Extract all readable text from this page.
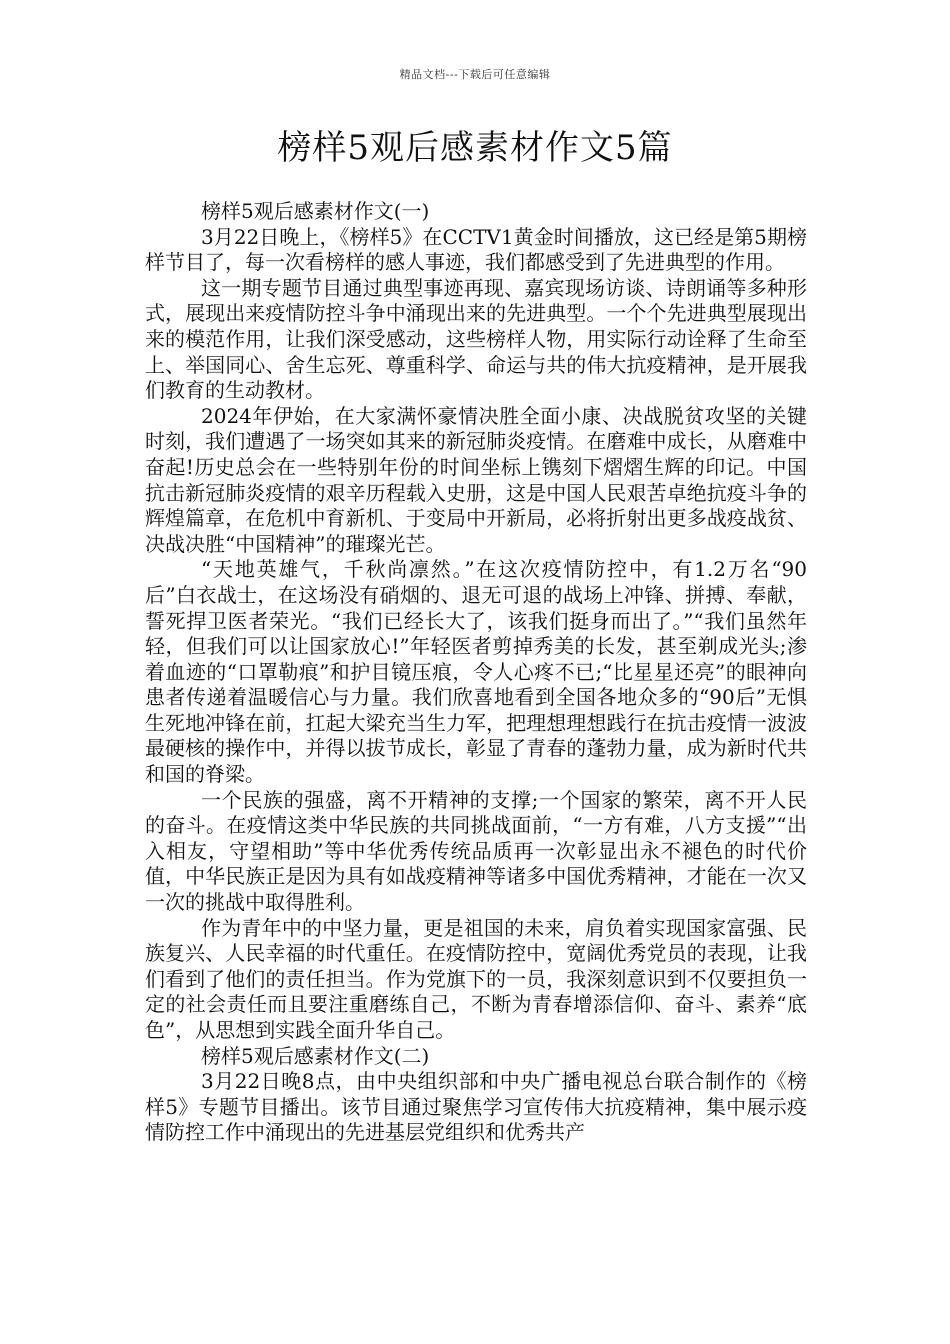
精品文档---下载后可任意编辑
榜样5观后感素材作文5篇

榜样5观后感素材作文(一)

3月22日晚上，《榜样5》在CCTV1黄金时间播放，这已经是第5期榜样节目了，每一次看榜样的感人事迹，我们都感受到了先进典型的作用。

这一期专题节目通过典型事迹再现、嘉宾现场访谈、诗朗诵等多种形式，展现出来疫情防控斗争中涌现出来的先进典型。一个个先进典型展现出来的模范作用，让我们深受感动，这些榜样人物，用实际行动诠释了生命至上、举国同心、舍生忘死、尊重科学、命运与共的伟大抗疫精神，是开展我们教育的生动教材。

2024年伊始，在大家满怀豪情决胜全面小康、决战脱贫攻坚的关键时刻，我们遭遇了一场突如其来的新冠肺炎疫情。在磨难中成长，从磨难中奋起!历史总会在一些特别年份的时间坐标上镌刻下熠熠生辉的印记。中国抗击新冠肺炎疫情的艰辛历程载入史册，这是中国人民艰苦卓绝抗疫斗争的辉煌篇章，在危机中育新机、于变局中开新局，必将折射出更多战疫战贫、决战决胜“中国精神”的璀璨光芒。

“天地英雄气，千秋尚凛然。”在这次疫情防控中，有1.2万名“90后”白衣战士，在这场没有硝烟的、退无可退的战场上冲锋、拼搏、奉献，誓死捍卫医者荣光。“我们已经长大了，该我们挺身而出了。”“我们虽然年轻，但我们可以让国家放心!”年轻医者剪掉秀美的长发，甚至剃成光头;渗着血迹的“口罩勒痕”和护目镜压痕，令人心疼不已;“比星星还亮”的眼神向患者传递着温暖信心与力量。我们欣喜地看到全国各地众多的“90后”无惧生死地冲锋在前，扛起大梁充当生力军，把理想理想践行在抗击疫情一波波最硬核的操作中，并得以拔节成长，彰显了青春的蓬勃力量，成为新时代共和国的脊梁。

一个民族的强盛，离不开精神的支撑;一个国家的繁荣，离不开人民的奋斗。在疫情这类中华民族的共同挑战面前，“一方有难，八方支援”“出入相友，守望相助”等中华优秀传统品质再一次彰显出永不褪色的时代价值，中华民族正是因为具有如战疫精神等诸多中国优秀精神，才能在一次又一次的挑战中取得胜利。

作为青年中的中坚力量，更是祖国的未来，肩负着实现国家富强、民族复兴、人民幸福的时代重任。在疫情防控中，宽阔优秀党员的表现，让我们看到了他们的责任担当。作为党旗下的一员，我深刻意识到不仅要担负一定的社会责任而且要注重磨练自己，不断为青春增添信仰、奋斗、素养“底色”，从思想到实践全面升华自己。

榜样5观后感素材作文(二)

3月22日晚8点，由中央组织部和中央广播电视总台联合制作的《榜样5》专题节目播出。该节目通过聚焦学习宣传伟大抗疫精神，集中展示疫情防控工作中涌现出的先进基层党组织和优秀共产
